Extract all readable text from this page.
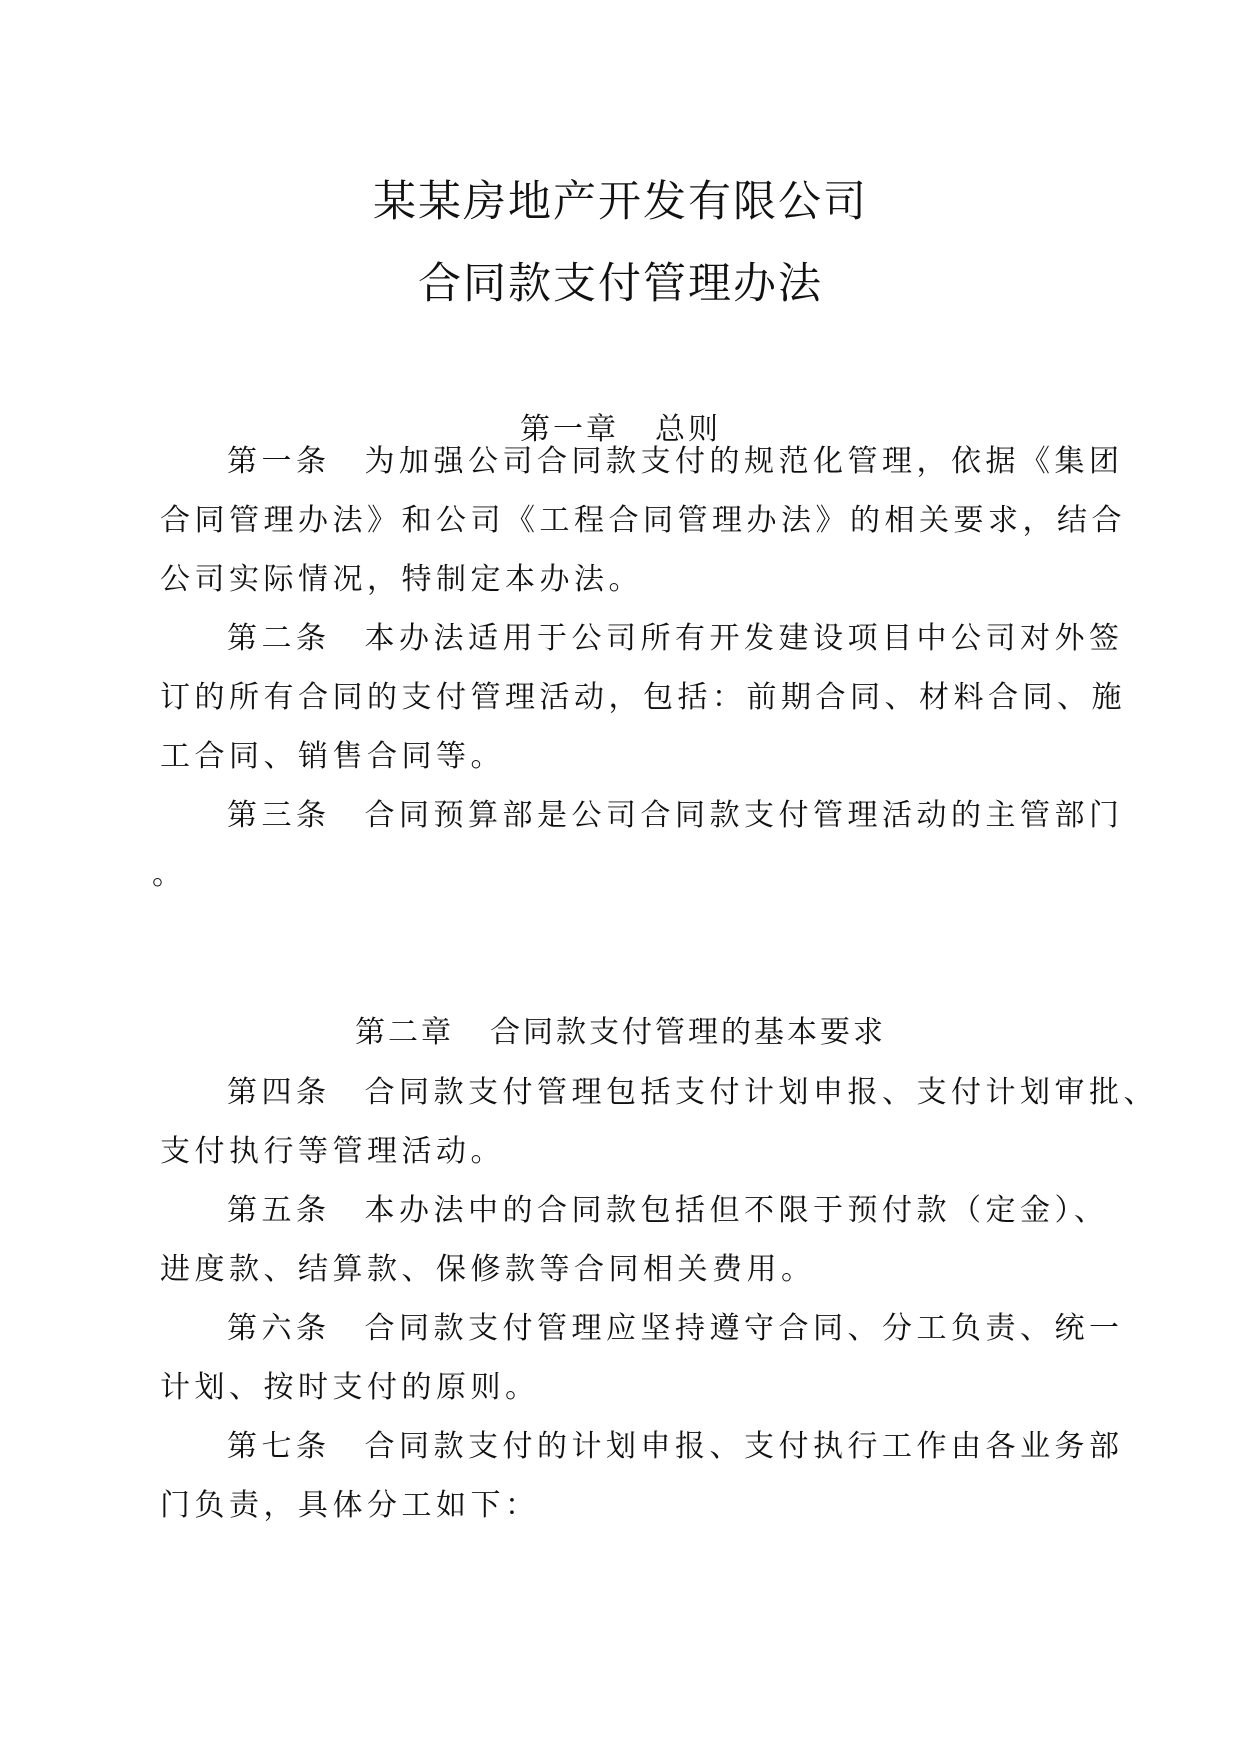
某某房地产开发有限公司
合同款支付管理办法
第一章 总则
第一条 为加强公司合同款支付的规范化管理，依据《集团
合同管理办法》和公司《工程合同管理办法》的相关要求，结合
公司实际情况，特制定本办法。
第二条 本办法适用于公司所有开发建设项目中公司对外签
订的所有合同的支付管理活动，包括：前期合同、材料合同、施
工合同、销售合同等。
第三条 合同预算部是公司合同款支付管理活动的主管部门
。
第二章 合同款支付管理的基本要求
第四条 合同款支付管理包括支付计划申报、支付计划审批、
支付执行等管理活动。
第五条 本办法中的合同款包括但不限于预付款（定金）、
进度款、结算款、保修款等合同相关费用。
第六条 合同款支付管理应坚持遵守合同、分工负责、统一
计划、按时支付的原则。
第七条 合同款支付的计划申报、支付执行工作由各业务部
门负责，具体分工如下：
